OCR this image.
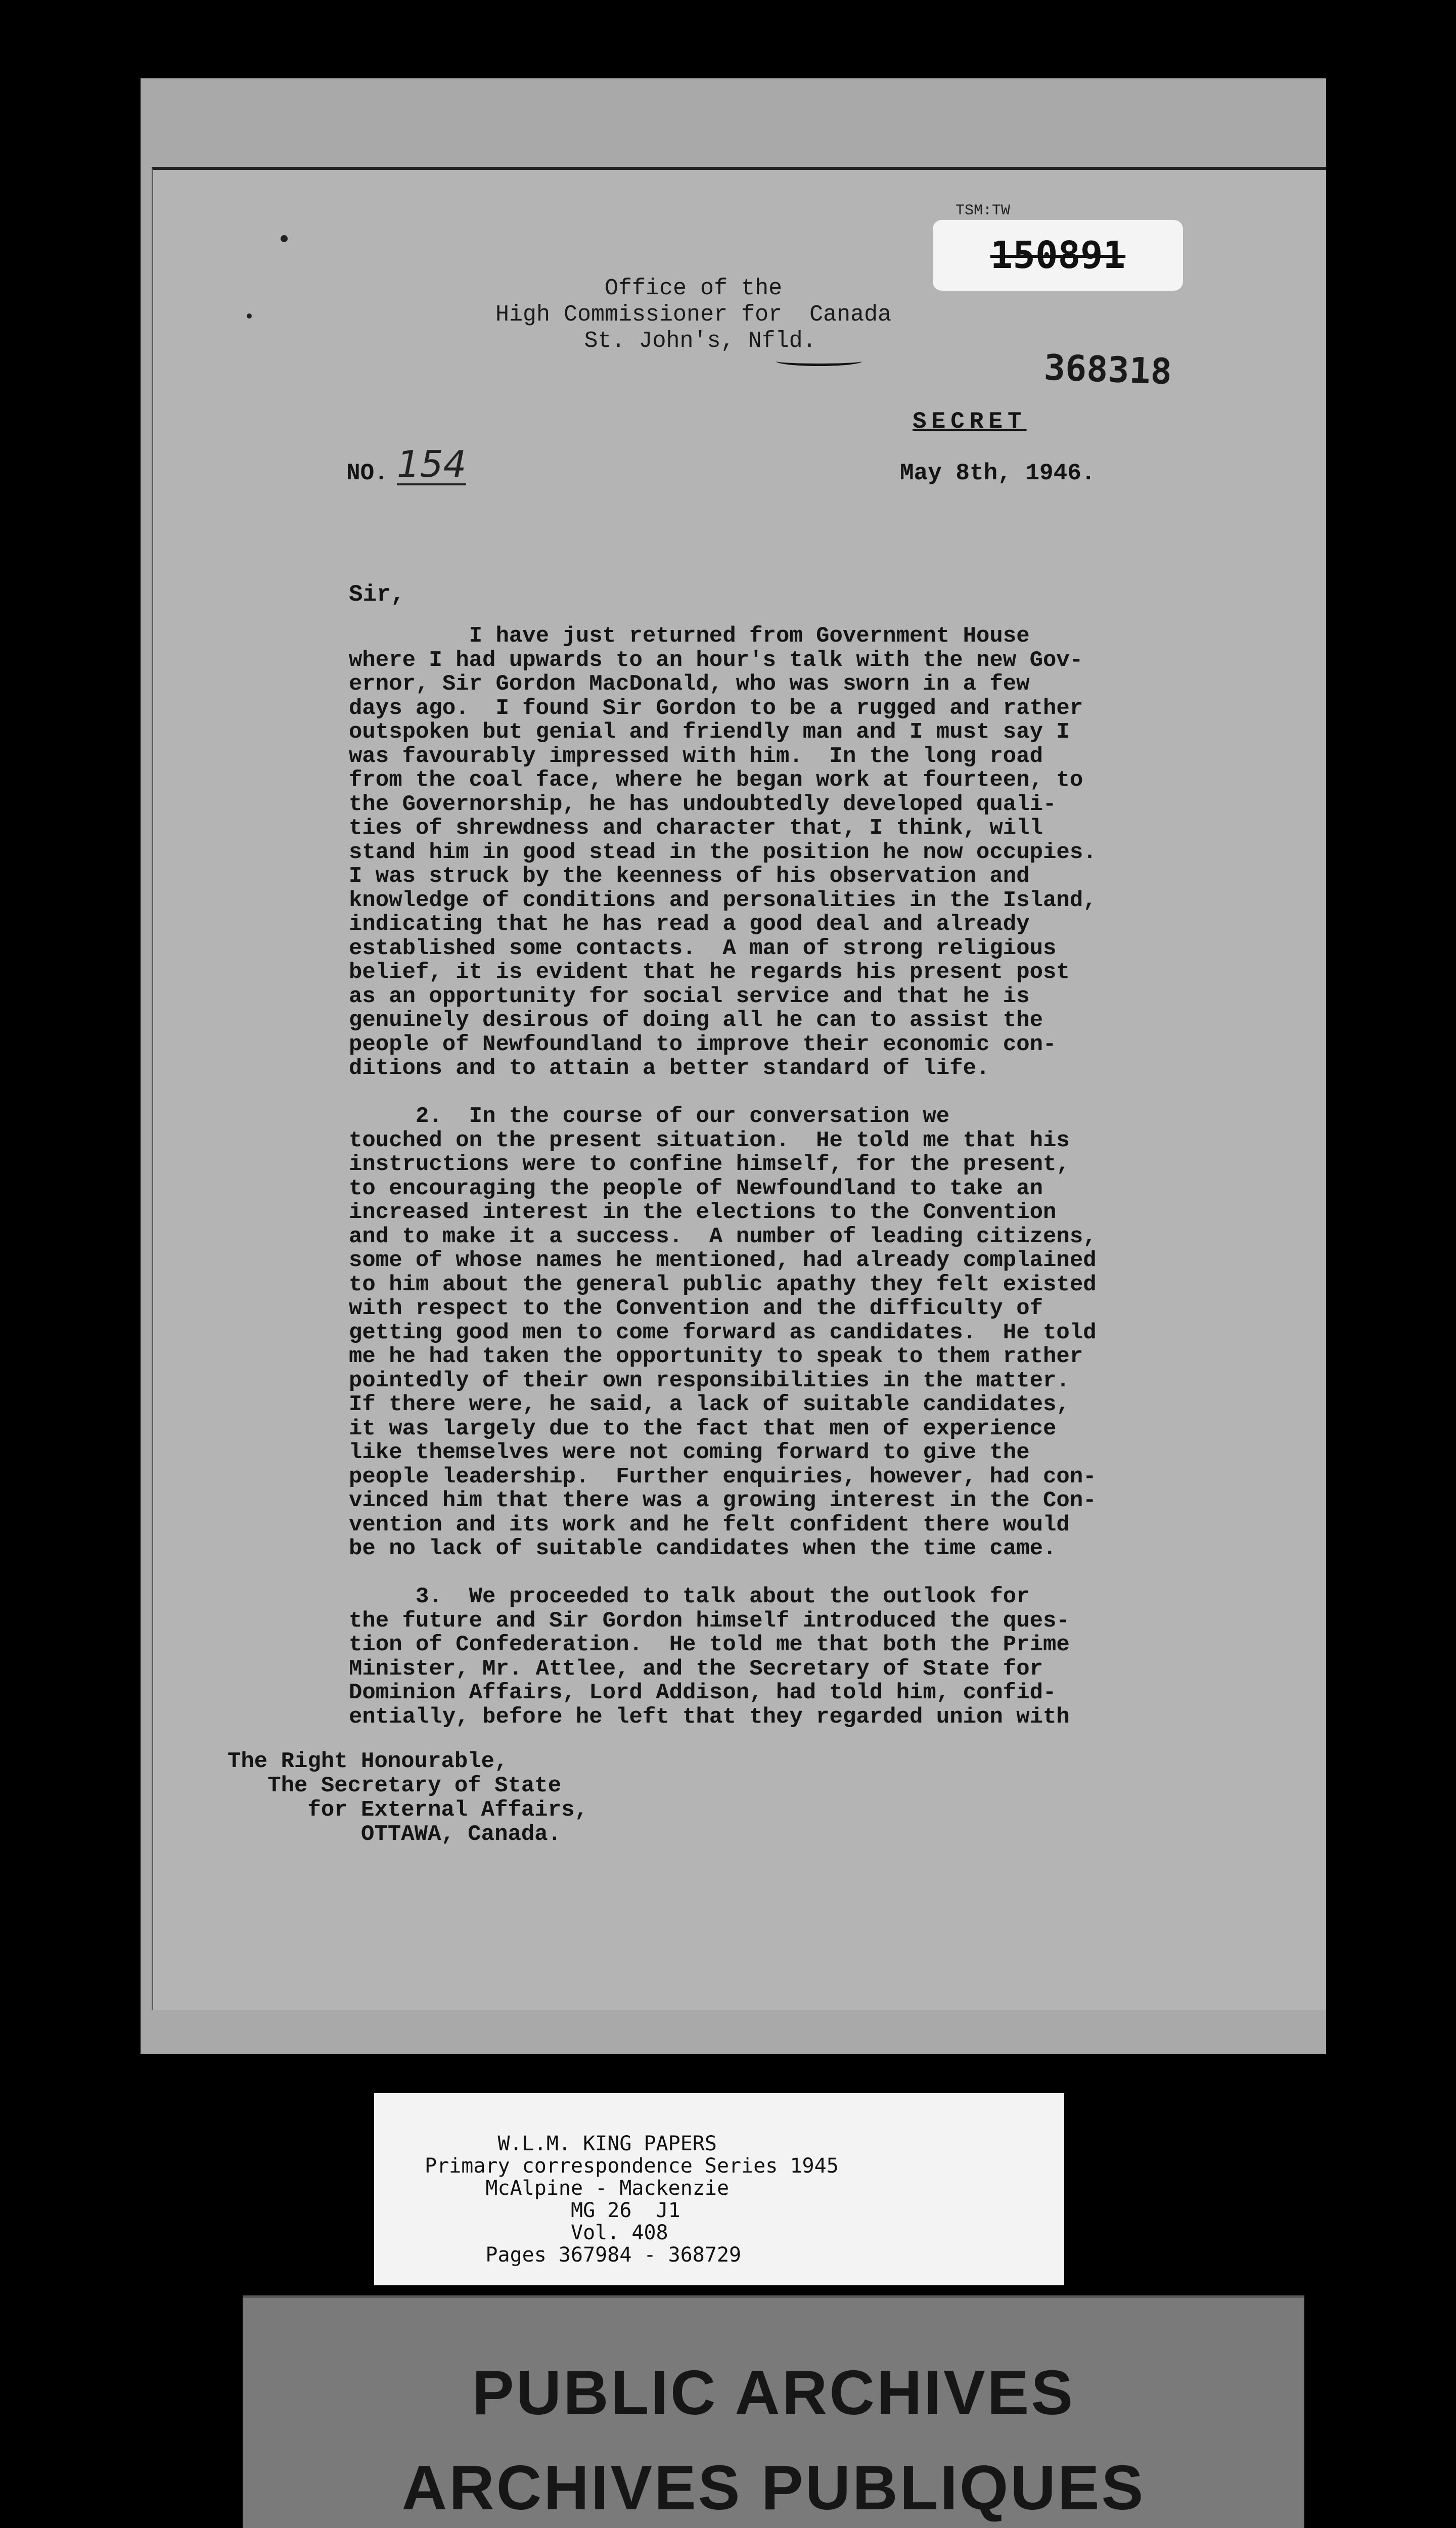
TSM:TW
150891
Office of the
High Commissioner for  Canada
St. John's, Nfld.
368318
SECRET
NO. 154	May 8th, 1946.
Sir,
I have just returned from Government House
where I had upwards to an hour's talk with the new Gov-
ernor, Sir Gordon MacDonald, who was sworn in a few
days ago.  I found Sir Gordon to be a rugged and rather
outspoken but genial and friendly man and I must say I
was favourably impressed with him.  In the long road
from the coal face, where he began work at fourteen, to
the Governorship, he has undoubtedly developed quali-
ties of shrewdness and character that, I think, will
stand him in good stead in the position he now occupies.
I was struck by the keenness of his observation and
knowledge of conditions and personalities in the Island,
indicating that he has read a good deal and already
established some contacts.  A man of strong religious
belief, it is evident that he regards his present post
as an opportunity for social service and that he is
genuinely desirous of doing all he can to assist the
people of Newfoundland to improve their economic con-
ditions and to attain a better standard of life.
2.  In the course of our conversation we
touched on the present situation.  He told me that his
instructions were to confine himself, for the present,
to encouraging the people of Newfoundland to take an
increased interest in the elections to the Convention
and to make it a success.  A number of leading citizens,
some of whose names he mentioned, had already complained
to him about the general public apathy they felt existed
with respect to the Convention and the difficulty of
getting good men to come forward as candidates.  He told
me he had taken the opportunity to speak to them rather
pointedly of their own responsibilities in the matter.
If there were, he said, a lack of suitable candidates,
it was largely due to the fact that men of experience
like themselves were not coming forward to give the
people leadership.  Further enquiries, however, had con-
vinced him that there was a growing interest in the Con-
vention and its work and he felt confident there would
be no lack of suitable candidates when the time came.
3.  We proceeded to talk about the outlook for
the future and Sir Gordon himself introduced the ques-
tion of Confederation.  He told me that both the Prime
Minister, Mr. Attlee, and the Secretary of State for
Dominion Affairs, Lord Addison, had told him, confid-
entially, before he left that they regarded union with
The Right Honourable,
The Secretary of State
for External Affairs,
OTTAWA, Canada.
W.L.M. KING PAPERS
Primary correspondence Series 1945
McAlpine - Mackenzie
MG 26  J1
Vol. 408
Pages 367984 - 368729

PUBLIC ARCHIVES

ARCHIVES PUBLIQUES
